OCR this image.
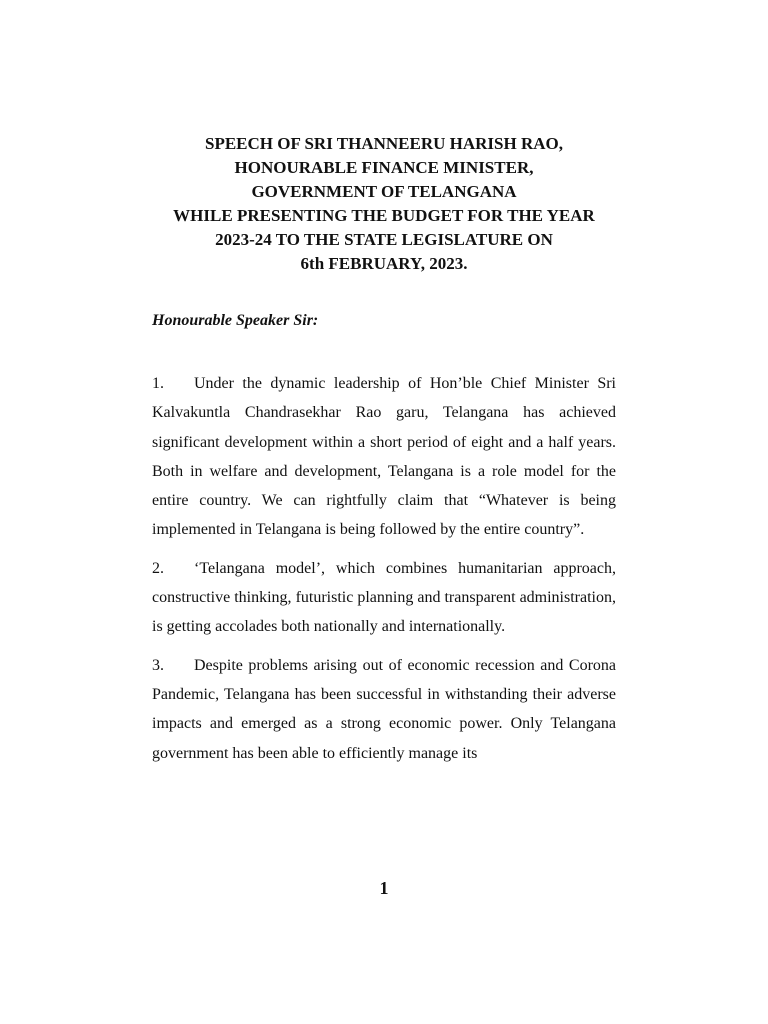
SPEECH OF SRI THANNEERU HARISH RAO,
HONOURABLE FINANCE MINISTER,
GOVERNMENT OF TELANGANA
WHILE PRESENTING THE BUDGET FOR THE YEAR
2023-24 TO THE STATE LEGISLATURE ON
6th FEBRUARY, 2023.
Honourable Speaker Sir:

1. Under the dynamic leadership of Hon’ble Chief Minister Sri Kalvakuntla Chandrasekhar Rao garu, Telangana has achieved significant development within a short period of eight and a half years. Both in welfare and development, Telangana is a role model for the entire country. We can rightfully claim that “Whatever is being implemented in Telangana is being followed by the entire country”.

2. ‘Telangana model’, which combines humanitarian approach, constructive thinking, futuristic planning and transparent administration, is getting accolades both nationally and internationally.

3. Despite problems arising out of economic recession and Corona Pandemic, Telangana has been successful in withstanding their adverse impacts and emerged as a strong economic power. Only Telangana government has been able to efficiently manage its

1
